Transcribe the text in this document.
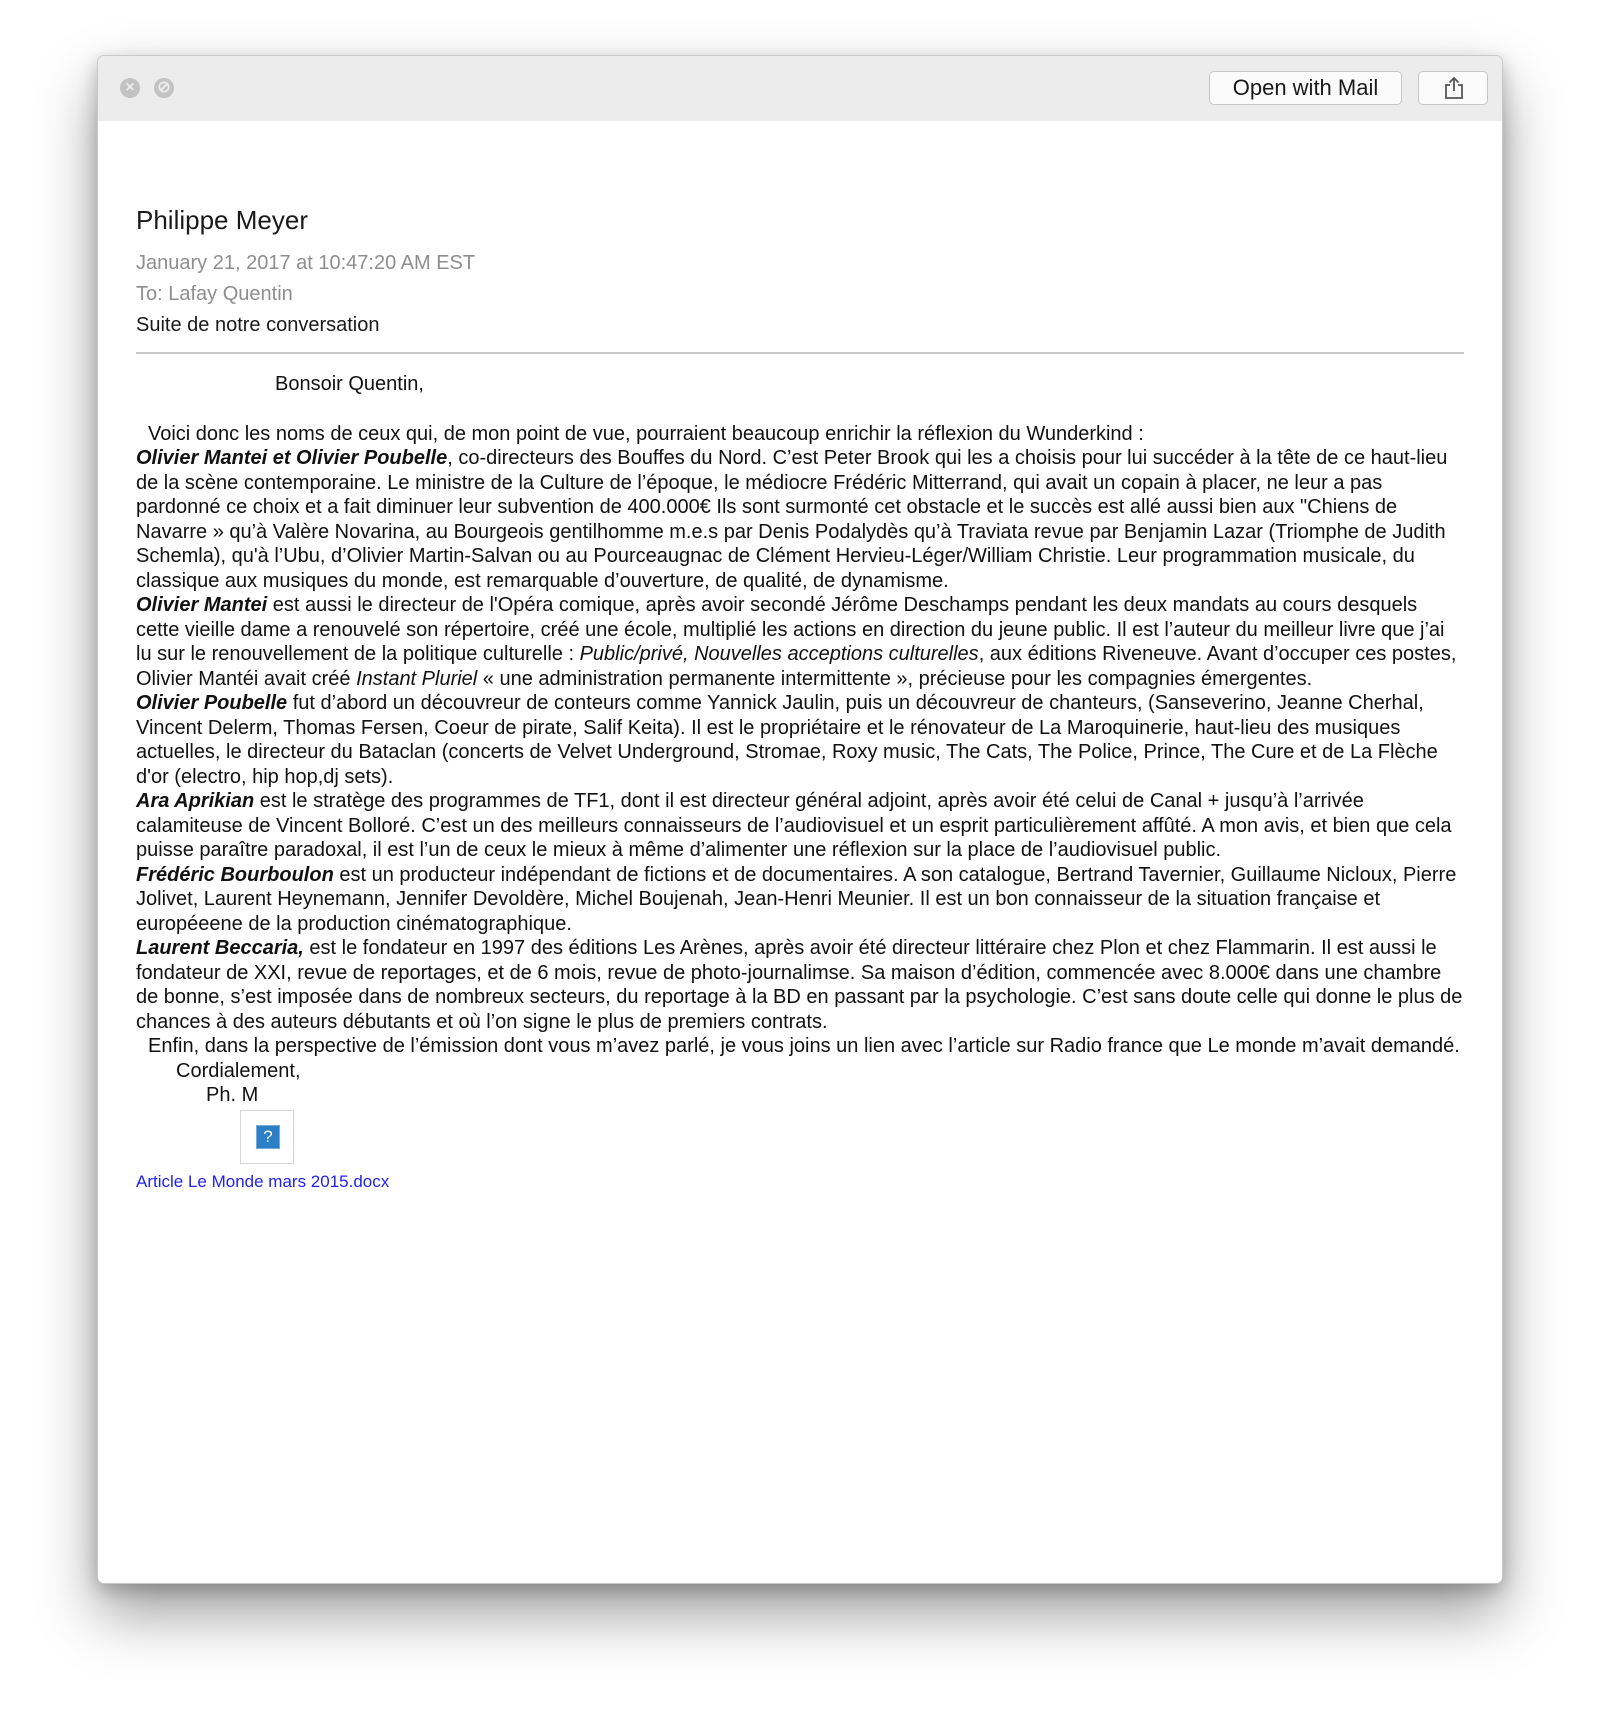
×	⊘	Open with Mail
Philippe Meyer
January 21, 2017 at 10:47:20 AM EST
To: Lafay Quentin
Suite de notre conversation

Bonsoir Quentin,

Voici donc les noms de ceux qui, de mon point de vue, pourraient beaucoup enrichir la réflexion du Wunderkind :

Olivier Mantei et Olivier Poubelle, co-directeurs des Bouffes du Nord. C’est Peter Brook qui les a choisis pour lui succéder à la tête de ce haut-lieu de la scène contemporaine. Le ministre de la Culture de l’époque, le médiocre Frédéric Mitterrand, qui avait un copain à placer, ne leur a pas pardonné ce choix et a fait diminuer leur subvention de 400.000€ Ils sont surmonté cet obstacle et le succès est allé aussi bien aux "Chiens de Navarre » qu’à Valère Novarina, au Bourgeois gentilhomme m.e.s par Denis Podalydès qu’à Traviata revue par Benjamin Lazar (Triomphe de Judith Schemla), qu'à l’Ubu, d’Olivier Martin-Salvan ou au Pourceaugnac de Clément Hervieu-Léger/William Christie. Leur programmation musicale, du classique aux musiques du monde, est remarquable d’ouverture, de qualité, de dynamisme.

Olivier Mantei est aussi le directeur de l'Opéra comique, après avoir secondé Jérôme Deschamps pendant les deux mandats au cours desquels cette vieille dame a renouvelé son répertoire, créé une école, multiplié les actions en direction du jeune public. Il est l’auteur du meilleur livre que j’ai lu sur le renouvellement de la politique culturelle : Public/privé, Nouvelles acceptions culturelles, aux éditions Riveneuve. Avant d’occuper ces postes, Olivier Mantéi avait créé Instant Pluriel « une administration permanente intermittente », précieuse pour les compagnies émergentes.

Olivier Poubelle fut d’abord un découvreur de conteurs comme Yannick Jaulin, puis un découvreur de chanteurs, (Sanseverino, Jeanne Cherhal, Vincent Delerm, Thomas Fersen, Coeur de pirate, Salif Keita). Il est le propriétaire et le rénovateur de La Maroquinerie, haut-lieu des musiques actuelles, le directeur du Bataclan (concerts de Velvet Underground, Stromae, Roxy music, The Cats, The Police, Prince, The Cure et de La Flèche d'or (electro, hip hop,dj sets).

Ara Aprikian est le stratège des programmes de TF1, dont il est directeur général adjoint, après avoir été celui de Canal + jusqu’à l’arrivée calamiteuse de Vincent Bolloré. C’est un des meilleurs connaisseurs de l’audiovisuel et un esprit particulièrement affûté. A mon avis, et bien que cela puisse paraître paradoxal, il est l’un de ceux le mieux à même d’alimenter une réflexion sur la place de l’audiovisuel public.

Frédéric Bourboulon est un producteur indépendant de fictions et de documentaires. A son catalogue, Bertrand Tavernier, Guillaume Nicloux, Pierre Jolivet, Laurent Heynemann, Jennifer Devoldère, Michel Boujenah, Jean-Henri Meunier. Il est un bon connaisseur de la situation française et européeene de la production cinématographique.

Laurent Beccaria, est le fondateur en 1997 des éditions Les Arènes, après avoir été directeur littéraire chez Plon et chez Flammarin. Il est aussi le fondateur de XXI, revue de reportages, et de 6 mois, revue de photo-journalimse. Sa maison d’édition, commencée avec 8.000€ dans une chambre de bonne, s’est imposée dans de nombreux secteurs, du reportage à la BD en passant par la psychologie. C’est sans doute celle qui donne le plus de chances à des auteurs débutants et où l’on signe le plus de premiers contrats.

Enfin, dans la perspective de l’émission dont vous m’avez parlé, je vous joins un lien avec l’article sur Radio france que Le monde m’avait demandé.

Cordialement,

Ph. M

?
Article Le Monde mars 2015.docx
